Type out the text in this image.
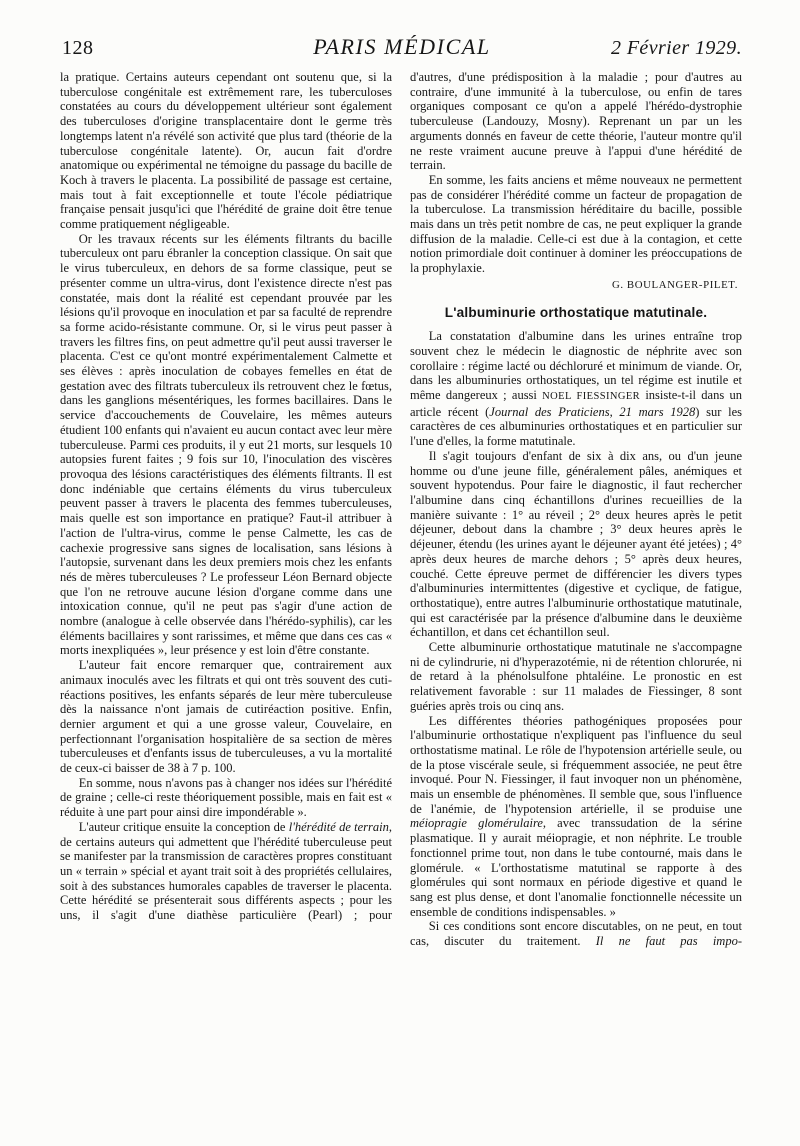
128	PARIS MÉDICAL	2 Février 1929.

la pratique. Certains auteurs cependant ont soutenu que, si la tuberculose congénitale est extrêmement rare, les tuberculoses constatées au cours du développement ultérieur sont également des tuberculoses d'origine transplacentaire dont le germe très longtemps latent n'a révélé son activité que plus tard (théorie de la tuberculose congénitale latente). Or, aucun fait d'ordre anatomique ou expérimental ne témoigne du passage du bacille de Koch à travers le placenta. La possibilité de passage est certaine, mais tout à fait exceptionnelle et toute l'école pédiatrique française pensait jusqu'ici que l'hérédité de graine doit être tenue comme pratiquement négligeable.

Or les travaux récents sur les éléments filtrants du bacille tuberculeux ont paru ébranler la conception classique. On sait que le virus tuberculeux, en dehors de sa forme classique, peut se présenter comme un ultra-virus, dont l'existence directe n'est pas constatée, mais dont la réalité est cependant prouvée par les lésions qu'il provoque en inoculation et par sa faculté de reprendre sa forme acido-résistante commune. Or, si le virus peut passer à travers les filtres fins, on peut admettre qu'il peut aussi traverser le placenta. C'est ce qu'ont montré expérimentalement Calmette et ses élèves : après inoculation de cobayes femelles en état de gestation avec des filtrats tuberculeux ils retrouvent chez le fœtus, dans les ganglions mésentériques, les formes bacillaires. Dans le service d'accouchements de Couvelaire, les mêmes auteurs étudient 100 enfants qui n'avaient eu aucun contact avec leur mère tuberculeuse. Parmi ces produits, il y eut 21 morts, sur lesquels 10 autopsies furent faites ; 9 fois sur 10, l'inoculation des viscères provoqua des lésions caractéristiques des éléments filtrants. Il est donc indéniable que certains éléments du virus tuberculeux peuvent passer à travers le placenta des femmes tuberculeuses, mais quelle est son importance en pratique? Faut-il attribuer à l'action de l'ultra-virus, comme le pense Calmette, les cas de cachexie progressive sans signes de localisation, sans lésions à l'autopsie, survenant dans les deux premiers mois chez les enfants nés de mères tuberculeuses ? Le professeur Léon Bernard objecte que l'on ne retrouve aucune lésion d'organe comme dans une intoxication connue, qu'il ne peut pas s'agir d'une action de nombre (analogue à celle observée dans l'hérédo-syphilis), car les éléments bacillaires y sont rarissimes, et même que dans ces cas « morts inexpliquées », leur présence y est loin d'être constante.

L'auteur fait encore remarquer que, contrairement aux animaux inoculés avec les filtrats et qui ont très souvent des cuti-réactions positives, les enfants séparés de leur mère tuberculeuse dès la naissance n'ont jamais de cutiréaction positive. Enfin, dernier argument et qui a une grosse valeur, Couvelaire, en perfectionnant l'organisation hospitalière de sa section de mères tuberculeuses et d'enfants issus de tuberculeuses, a vu la mortalité de ceux-ci baisser de 38 à 7 p. 100.

En somme, nous n'avons pas à changer nos idées sur l'hérédité de graine ; celle-ci reste théoriquement possible, mais en fait est « réduite à une part pour ainsi dire impondérable ».

L'auteur critique ensuite la conception de l'hérédité de terrain, de certains auteurs qui admettent que l'hérédité tuberculeuse peut se manifester par la transmission de caractères propres constituant un « terrain » spécial et ayant trait soit à des propriétés cellulaires, soit à des substances humorales capables de traverser le placenta. Cette hérédité se présenterait sous différents aspects ; pour les uns, il s'agit d'une diathèse particulière (Pearl) ; pour

d'autres, d'une prédisposition à la maladie ; pour d'autres au contraire, d'une immunité à la tuberculose, ou enfin de tares organiques composant ce qu'on a appelé l'hérédo-dystrophie tuberculeuse (Landouzy, Mosny). Reprenant un par un les arguments donnés en faveur de cette théorie, l'auteur montre qu'il ne reste vraiment aucune preuve à l'appui d'une hérédité de terrain.

En somme, les faits anciens et même nouveaux ne permettent pas de considérer l'hérédité comme un facteur de propagation de la tuberculose. La transmission héréditaire du bacille, possible mais dans un très petit nombre de cas, ne peut expliquer la grande diffusion de la maladie. Celle-ci est due à la contagion, et cette notion primordiale doit continuer à dominer les préoccupations de la prophylaxie.

G. BOULANGER-PILET.
L'albuminurie orthostatique matutinale.

La constatation d'albumine dans les urines entraîne trop souvent chez le médecin le diagnostic de néphrite avec son corollaire : régime lacté ou déchloruré et minimum de viande. Or, dans les albuminuries orthostatiques, un tel régime est inutile et même dangereux ; aussi NOEL FIESSINGER insiste-t-il dans un article récent (Journal des Praticiens, 21 mars 1928) sur les caractères de ces albuminuries orthostatiques et en particulier sur l'une d'elles, la forme matutinale.

Il s'agit toujours d'enfant de six à dix ans, ou d'un jeune homme ou d'une jeune fille, généralement pâles, anémiques et souvent hypotendus. Pour faire le diagnostic, il faut rechercher l'albumine dans cinq échantillons d'urines recueillies de la manière suivante : 1° au réveil ; 2° deux heures après le petit déjeuner, debout dans la chambre ; 3° deux heures après le déjeuner, étendu (les urines ayant le déjeuner ayant été jetées) ; 4° après deux heures de marche dehors ; 5° après deux heures, couché. Cette épreuve permet de différencier les divers types d'albuminuries intermittentes (digestive et cyclique, de fatigue, orthostatique), entre autres l'albuminurie orthostatique matutinale, qui est caractérisée par la présence d'albumine dans le deuxième échantillon, et dans cet échantillon seul.

Cette albuminurie orthostatique matutinale ne s'accompagne ni de cylindrurie, ni d'hyperazotémie, ni de rétention chlorurée, ni de retard à la phénolsulfone phtaléine. Le pronostic en est relativement favorable : sur 11 malades de Fiessinger, 8 sont guéries après trois ou cinq ans.

Les différentes théories pathogéniques proposées pour l'albuminurie orthostatique n'expliquent pas l'influence du seul orthostatisme matinal. Le rôle de l'hypotension artérielle seule, ou de la ptose viscérale seule, si fréquemment associée, ne peut être invoqué. Pour N. Fiessinger, il faut invoquer non un phénomène, mais un ensemble de phénomènes. Il semble que, sous l'influence de l'anémie, de l'hypotension artérielle, il se produise une méiopragie glomérulaire, avec transsudation de la sérine plasmatique. Il y aurait méiopragie, et non néphrite. Le trouble fonctionnel prime tout, non dans le tube contourné, mais dans le glomérule. « L'orthostatisme matutinal se rapporte à des glomérules qui sont normaux en période digestive et quand le sang est plus dense, et dont l'anomalie fonctionnelle nécessite un ensemble de conditions indispensables. »

Si ces conditions sont encore discutables, on ne peut, en tout cas, discuter du traitement. Il ne faut pas impo-
